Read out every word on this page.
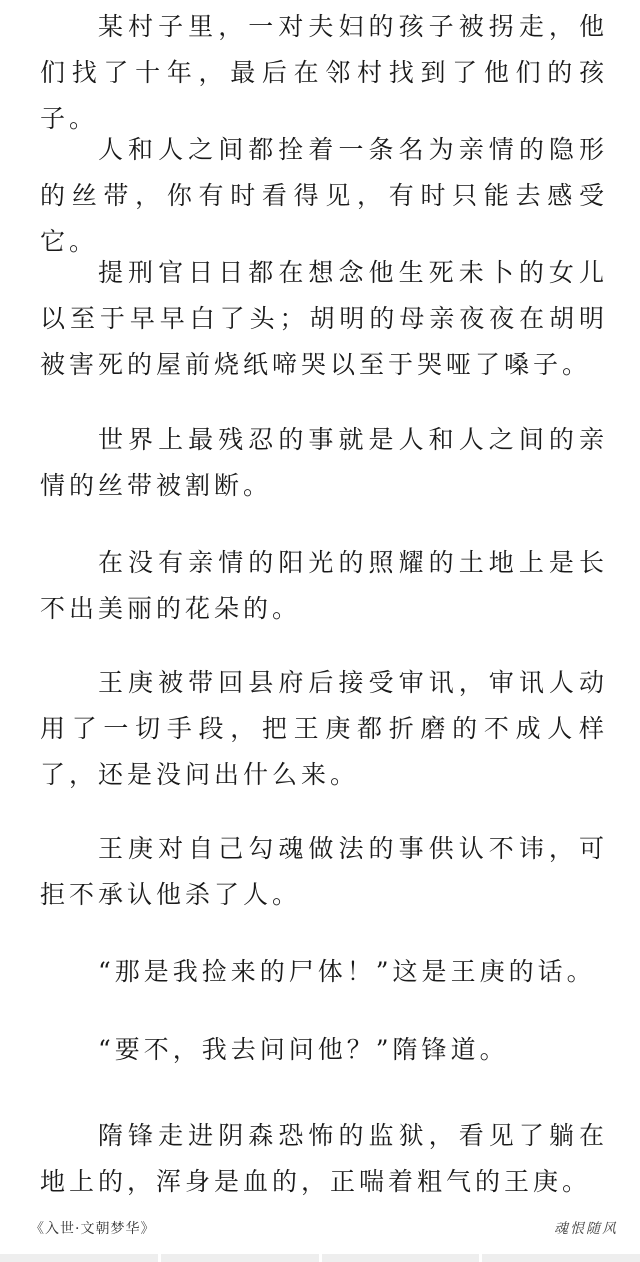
某村子里，一对夫妇的孩子被拐走，他们找了十年，最后在邻村找到了他们的孩子。

人和人之间都拴着一条名为亲情的隐形的丝带，你有时看得见，有时只能去感受它。

提刑官日日都在想念他生死未卜的女儿以至于早早白了头；胡明的母亲夜夜在胡明被害死的屋前烧纸啼哭以至于哭哑了嗓子。

世界上最残忍的事就是人和人之间的亲情的丝带被割断。

在没有亲情的阳光的照耀的土地上是长不出美丽的花朵的。

王庚被带回县府后接受审讯，审讯人动用了一切手段，把王庚都折磨的不成人样了，还是没问出什么来。

王庚对自己勾魂做法的事供认不讳，可拒不承认他杀了人。

“那是我捡来的尸体！”这是王庚的话。

“要不，我去问问他？”隋锋道。

隋锋走进阴森恐怖的监狱，看见了躺在地上的，浑身是血的，正喘着粗气的王庚。

《入世·文朝梦华》	魂恨随风
